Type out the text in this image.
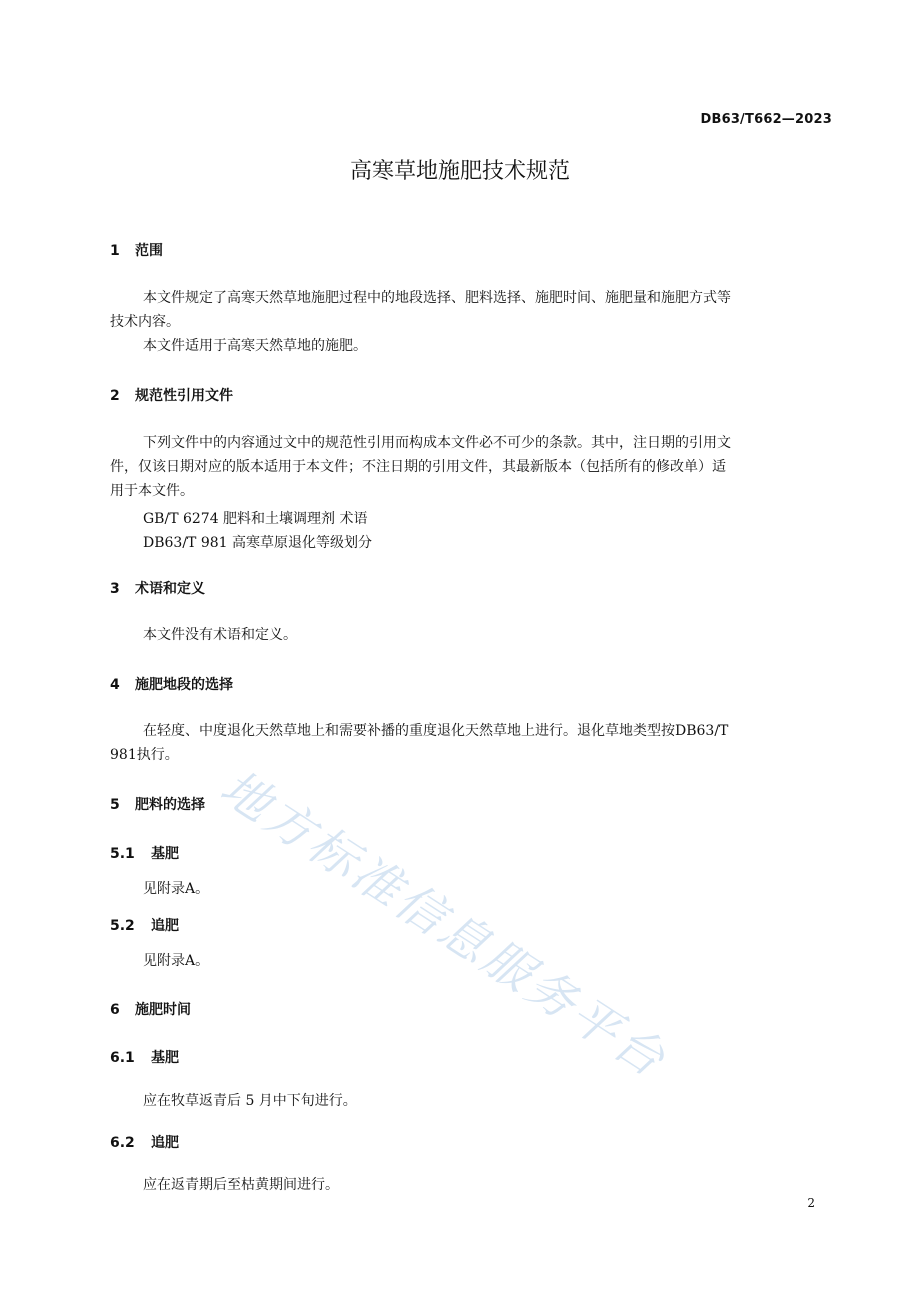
DB63/T662—2023
高寒草地施肥技术规范
1 范围
本文件规定了高寒天然草地施肥过程中的地段选择、肥料选择、施肥时间、施肥量和施肥方式等
技术内容。
本文件适用于高寒天然草地的施肥。
2 规范性引用文件
下列文件中的内容通过文中的规范性引用而构成本文件必不可少的条款。其中，注日期的引用文
件，仅该日期对应的版本适用于本文件；不注日期的引用文件，其最新版本（包括所有的修改单）适
用于本文件。
GB/T 6274 肥料和土壤调理剂 术语
DB63/T 981 高寒草原退化等级划分
3 术语和定义
本文件没有术语和定义。
4 施肥地段的选择
在轻度、中度退化天然草地上和需要补播的重度退化天然草地上进行。退化草地类型按DB63/T
981执行。
5 肥料的选择
5.1 基肥
见附录A。
5.2 追肥
见附录A。
6 施肥时间
6.1 基肥
应在牧草返青后 5 月中下旬进行。
6.2 追肥
应在返青期后至枯黄期间进行。
2
地方标准信息服务平台
